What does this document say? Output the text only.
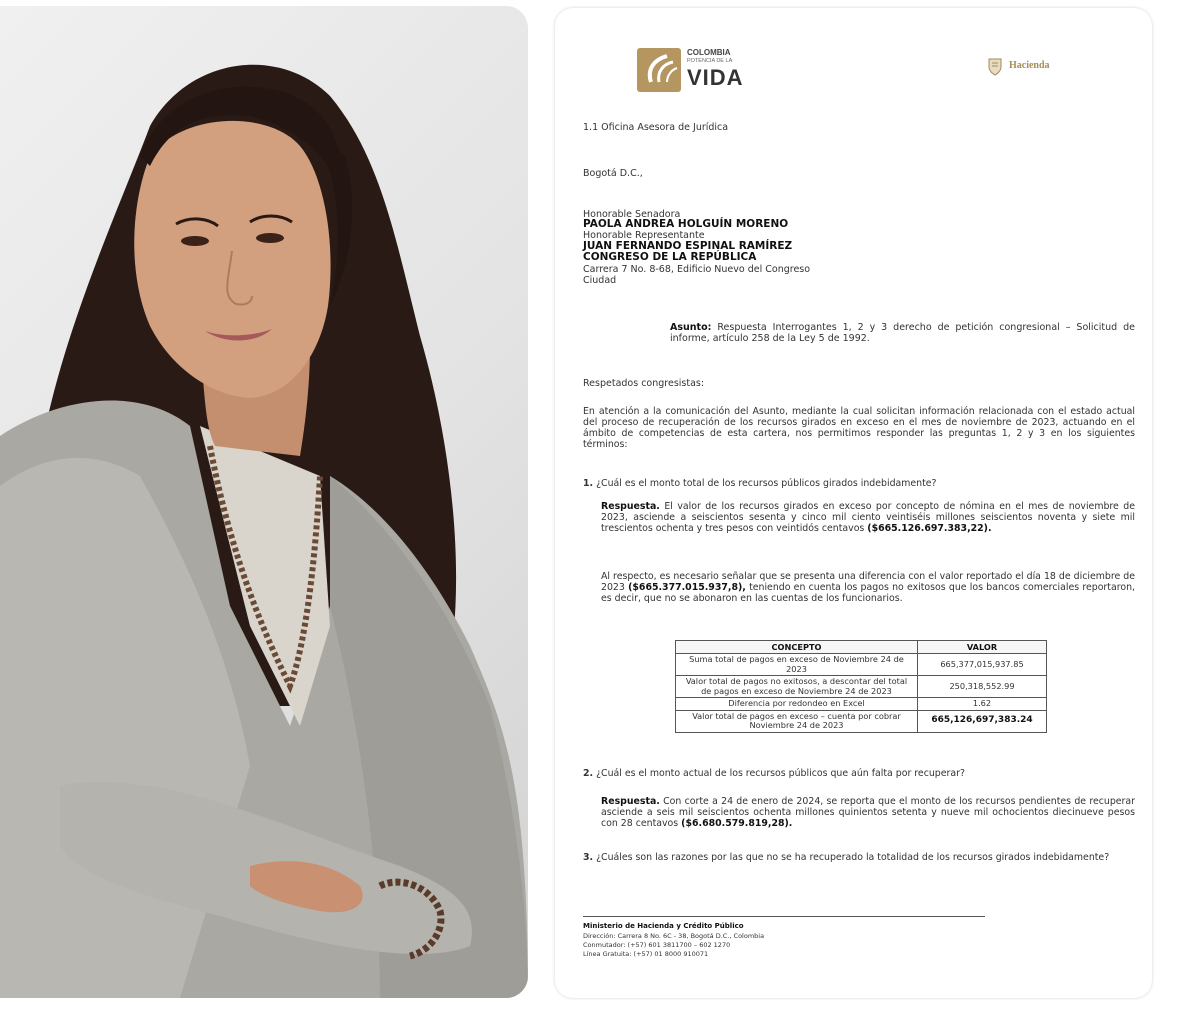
COLOMBIA
POTENCIA DE LA
VIDA	Hacienda
1.1 Oficina Asesora de Jurídica
Bogotá D.C.,
Honorable Senadora
PAOLA ANDREA HOLGUÍN MORENO
Honorable Representante
JUAN FERNANDO ESPINAL RAMÍREZ
CONGRESO DE LA REPÚBLICA
Carrera 7 No. 8-68, Edificio Nuevo del Congreso
Ciudad
Asunto: Respuesta Interrogantes 1, 2 y 3 derecho de petición congresional – Solicitud de informe, artículo 258 de la Ley 5 de 1992.
Respetados congresistas:
En atención a la comunicación del Asunto, mediante la cual solicitan información relacionada con el estado actual del proceso de recuperación de los recursos girados en exceso en el mes de noviembre de 2023, actuando en el ámbito de competencias de esta cartera, nos permitimos responder las preguntas 1, 2 y 3 en los siguientes términos:
1. ¿Cuál es el monto total de los recursos públicos girados indebidamente?
Respuesta. El valor de los recursos girados en exceso por concepto de nómina en el mes de noviembre de 2023, asciende a seiscientos sesenta y cinco mil ciento veintiséis millones seiscientos noventa y siete mil trescientos ochenta y tres pesos con veintidós centavos ($665.126.697.383,22).
Al respecto, es necesario señalar que se presenta una diferencia con el valor reportado el día 18 de diciembre de 2023 ($665.377.015.937,8), teniendo en cuenta los pagos no exitosos que los bancos comerciales reportaron, es decir, que no se abonaron en las cuentas de los funcionarios.
CONCEPTO	VALOR
Suma total de pagos en exceso de Noviembre 24 de 2023	665,377,015,937.85
Valor total de pagos no exitosos, a descontar del total de pagos en exceso de Noviembre 24 de 2023	250,318,552.99
Diferencia por redondeo en Excel	1.62
Valor total de pagos en exceso – cuenta por cobrar Noviembre 24 de 2023	665,126,697,383.24
2. ¿Cuál es el monto actual de los recursos públicos que aún falta por recuperar?
Respuesta. Con corte a 24 de enero de 2024, se reporta que el monto de los recursos pendientes de recuperar asciende a seis mil seiscientos ochenta millones quinientos setenta y nueve mil ochocientos diecinueve pesos con 28 centavos ($6.680.579.819,28).
3. ¿Cuáles son las razones por las que no se ha recuperado la totalidad de los recursos girados indebidamente?
Ministerio de Hacienda y Crédito Público
Dirección: Carrera 8 No. 6C - 38, Bogotá D.C., Colombia
Conmutador: (+57) 601 3811700 – 602 1270
Línea Gratuita: (+57) 01 8000 910071
